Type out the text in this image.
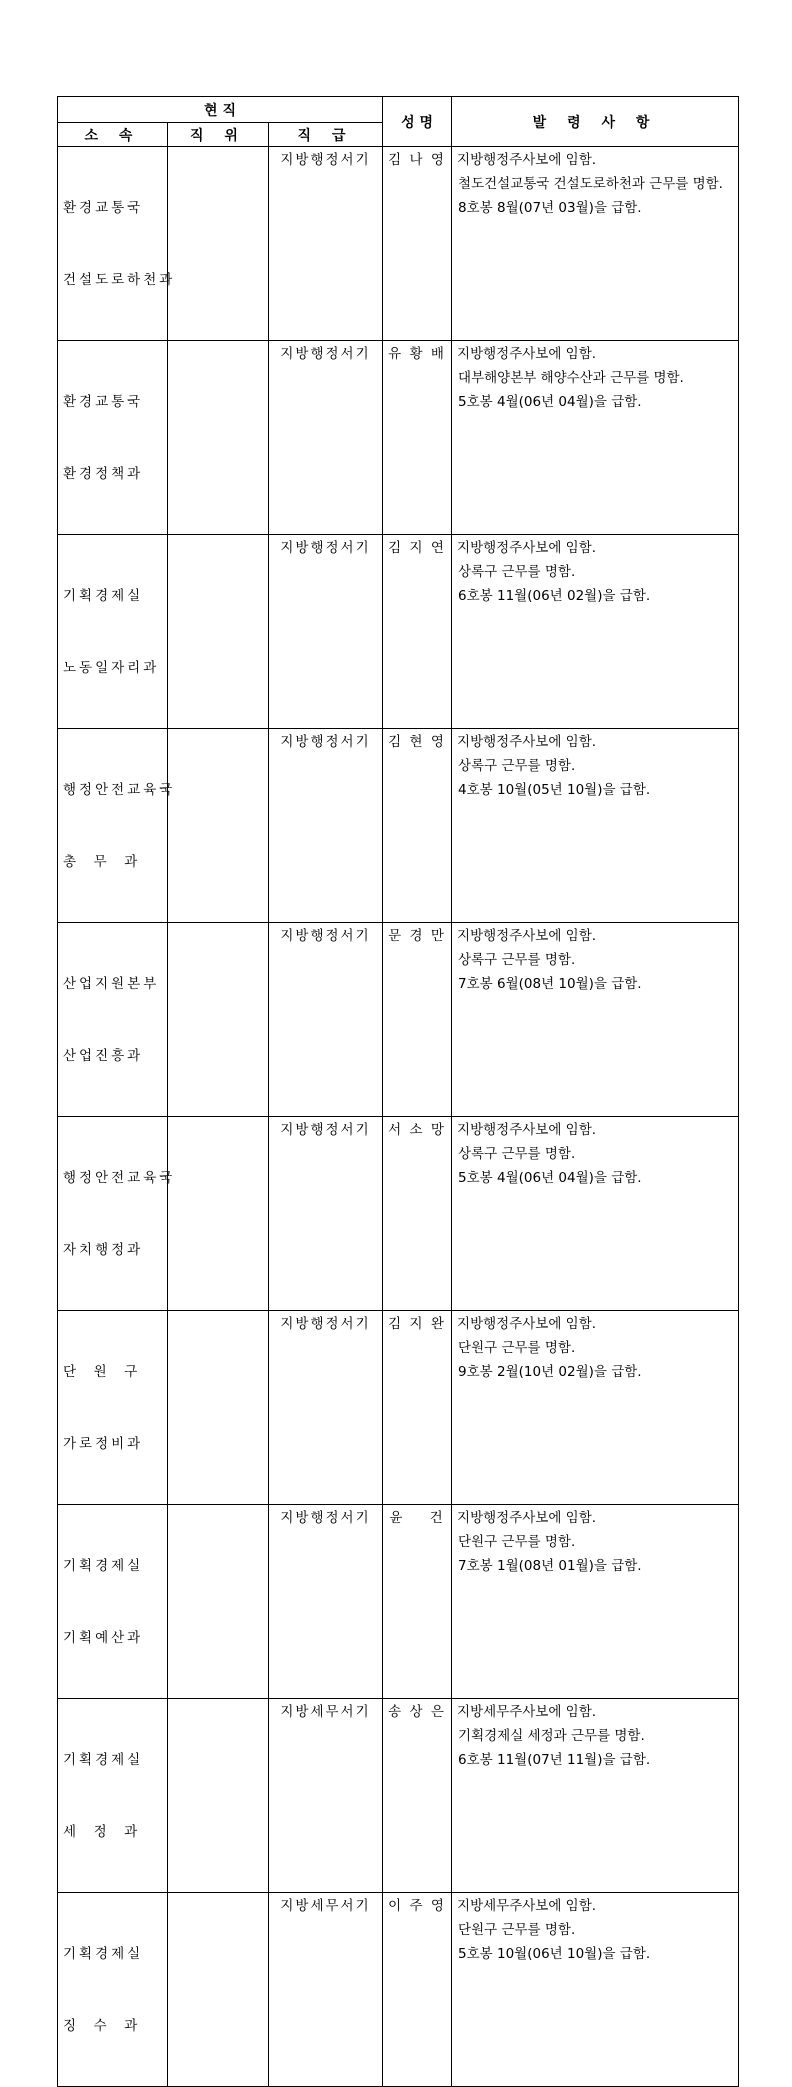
현 직			성 명	발 령 사 항
소 속	직 위	직 급		

환경교통국

건설도로하천과		지방행정서기	김 나 영	지방행정주사보에 임함.
철도건설교통국 건설도로하천과 근무를 명함.
8호봉 8월(07년 03월)을 급함.

환경교통국

환경정책과		지방행정서기	유 황 배	지방행정주사보에 임함.
대부해양본부 해양수산과 근무를 명함.
5호봉 4월(06년 04월)을 급함.

기획경제실

노동일자리과		지방행정서기	김 지 연	지방행정주사보에 임함.
상록구 근무를 명함.
6호봉 11월(06년 02월)을 급함.

행정안전교육국

총  무  과		지방행정서기	김 현 영	지방행정주사보에 임함.
상록구 근무를 명함.
4호봉 10월(05년 10월)을 급함.

산업지원본부

산업진흥과		지방행정서기	문 경 만	지방행정주사보에 임함.
상록구 근무를 명함.
7호봉 6월(08년 10월)을 급함.

행정안전교육국

자치행정과		지방행정서기	서 소 망	지방행정주사보에 임함.
상록구 근무를 명함.
5호봉 4월(06년 04월)을 급함.

단  원  구

가로정비과		지방행정서기	김 지 완	지방행정주사보에 임함.
단원구 근무를 명함.
9호봉 2월(10년 02월)을 급함.

기획경제실

기획예산과		지방행정서기	윤    건	지방행정주사보에 임함.
단원구 근무를 명함.
7호봉 1월(08년 01월)을 급함.

기획경제실

세  정  과		지방세무서기	송 상 은	지방세무주사보에 임함.
기획경제실 세정과 근무를 명함.
6호봉 11월(07년 11월)을 급함.

기획경제실

징  수  과		지방세무서기	이 주 영	지방세무주사보에 임함.
단원구 근무를 명함.
5호봉 10월(06년 10월)을 급함.
